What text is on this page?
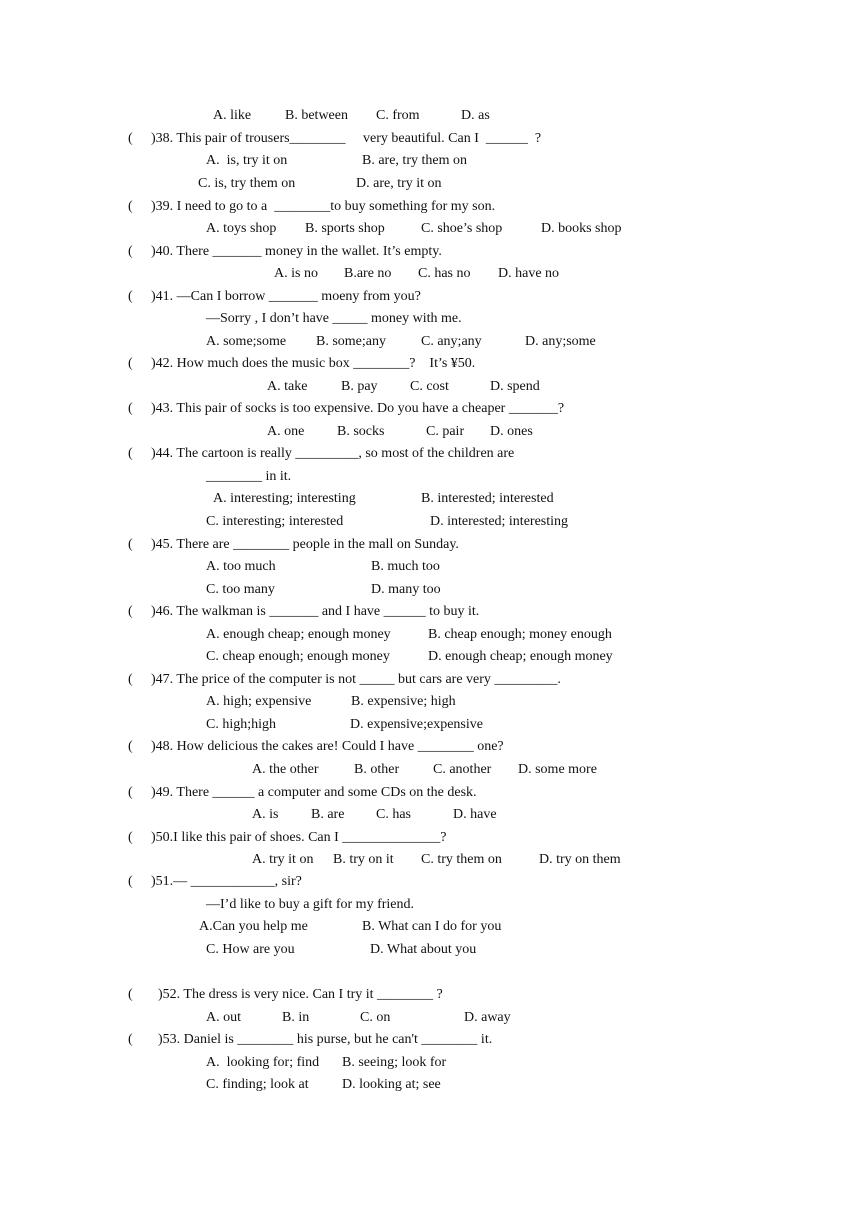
A. like B. between C. from	D. as
( )38. This pair of trousers________     very beautiful. Can I  ______  ?
A.  is, try it on	B. are, try them on
C. is, try them on	D. are, try it on
( )39. I need to go to a  ________to buy something for my son.
A. toys shop B. sports shop	C. shoe’s shop	D. books shop
( )40. There _______ money in the wallet. It’s empty.
A. is no B.are no C. has no D. have no
( )41. —Can I borrow _______ moeny from you?
—Sorry , I don’t have _____ money with me.
A. some;some B. some;any	C. any;any	D. any;some
( )42. How much does the music box ________?    It’s ¥50.
A. take B. pay C. cost	D. spend
( )43. This pair of socks is too expensive. Do you have a cheaper _______?
A. one B. socks	C. pair D. ones
( )44. The cartoon is really _________, so most of the children are
________ in it.
A. interesting; interesting	B. interested; interested
C. interesting; interested	D. interested; interesting
( )45. There are ________ people in the mall on Sunday.
A. too much	B. much too
C. too many	D. many too
( )46. The walkman is _______ and I have ______ to buy it.
A. enough cheap; enough money	B. cheap enough; money enough
C. cheap enough; enough money	D. enough cheap; enough money
( )47. The price of the computer is not _____ but cars are very _________.
A. high; expensive	B. expensive; high
C. high;high	D. expensive;expensive
( )48. How delicious the cakes are! Could I have ________ one?
A. the other	B. other C. another D. some more
( )49. There ______ a computer and some CDs on the desk.
A. is B. are C. has	D. have
( )50.I like this pair of shoes. Can I ______________?
A. try it on B. try on it C. try them on	D. try on them
( )51.— ____________, sir?
—I’d like to buy a gift for my friend.
A.Can you help me	B. What can I do for you
C. How are you	D. What about you
( )52. The dress is very nice. Can I try it ________ ?
A. out	B. in	C. on	D. away
( )53. Daniel is ________ his purse, but he can't ________ it.
A.  looking for; find B. seeing; look for
C. finding; look at D. looking at; see
